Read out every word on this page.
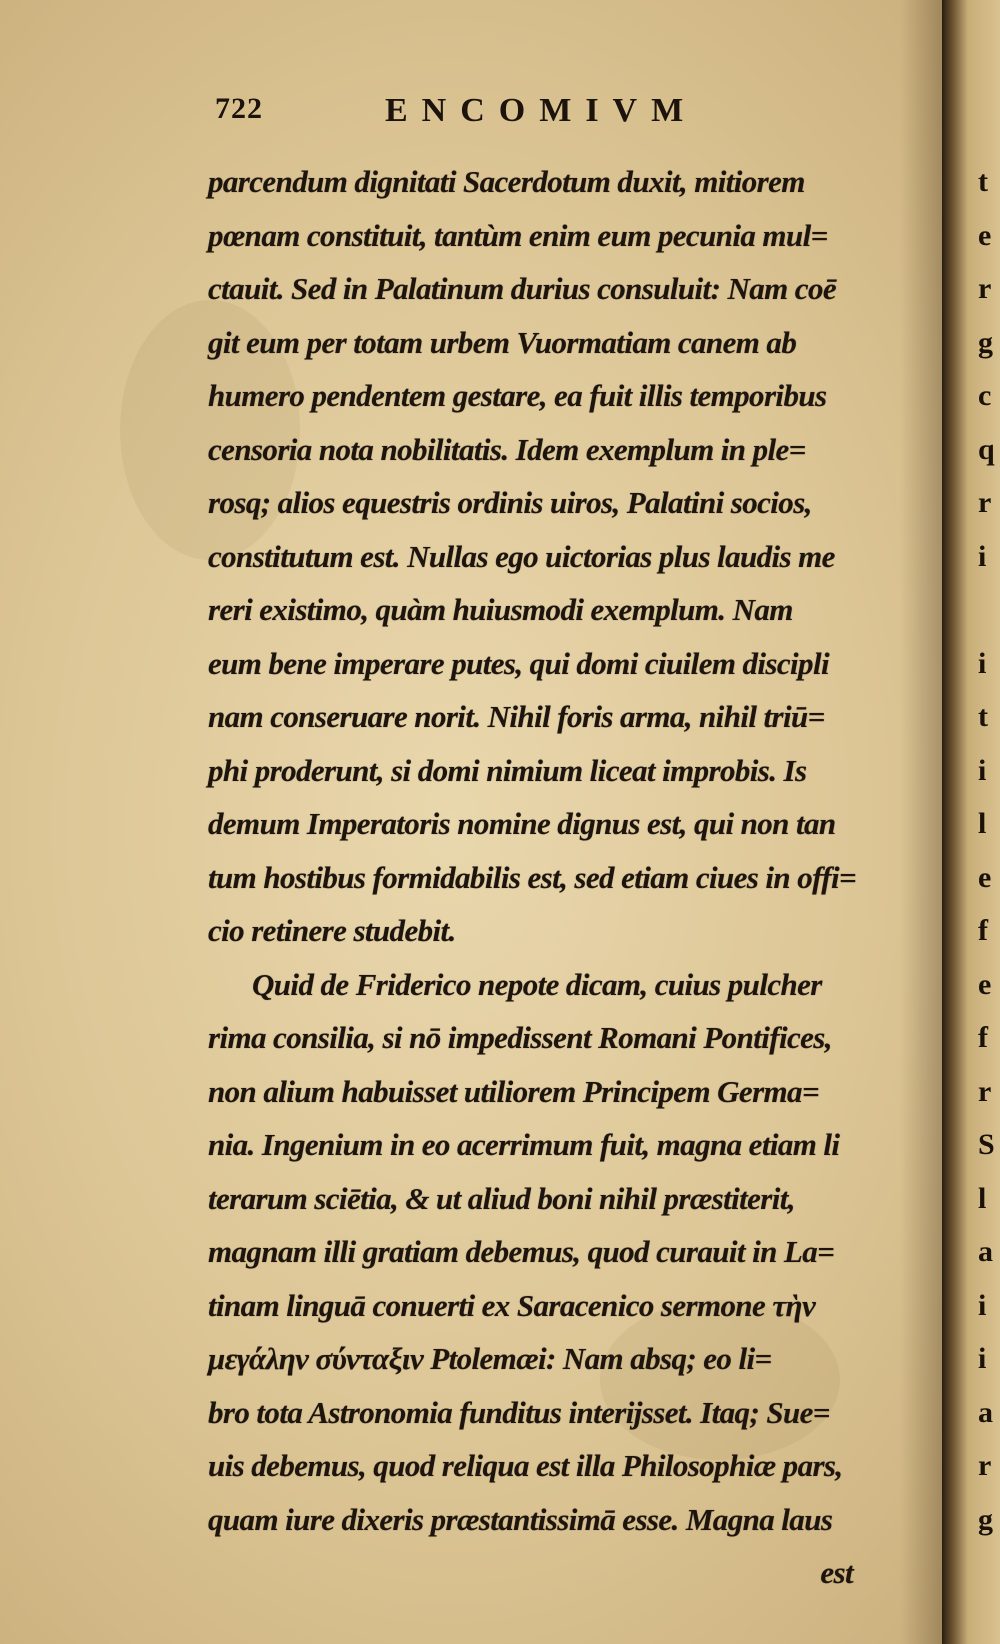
722	ENCOMIVM
parcendum dignitati Sacerdotum duxit, mitiorem
pœnam constituit, tantùm enim eum pecunia mul=
ctauit. Sed in Palatinum durius consuluit: Nam coē
git eum per totam urbem Vuormatiam canem ab
humero pendentem gestare, ea fuit illis temporibus
censoria nota nobilitatis. Idem exemplum in ple=
rosq; alios equestris ordinis uiros, Palatini socios,
constitutum est. Nullas ego uictorias plus laudis me
reri existimo, quàm huiusmodi exemplum. Nam
eum bene imperare putes, qui domi ciuilem discipli
nam conseruare norit. Nihil foris arma, nihil triū=
phi proderunt, si domi nimium liceat improbis. Is
demum Imperatoris nomine dignus est, qui non tan
tum hostibus formidabilis est, sed etiam ciues in offi=
cio retinere studebit.
Quid de Friderico nepote dicam, cuius pulcher
rima consilia, si nō impedissent Romani Pontifices,
non alium habuisset utiliorem Principem Germa=
nia. Ingenium in eo acerrimum fuit, magna etiam li
terarum sciētia, & ut aliud boni nihil præstiterit,
magnam illi gratiam debemus, quod curauit in La=
tinam linguā conuerti ex Saracenico sermone τὴν
μεγάλην σύνταξιν Ptolemæi: Nam absq; eo li=
bro tota Astronomia funditus interijsset. Itaq; Sue=
uis debemus, quod reliqua est illa Philosophiæ pars,
quam iure dixeris præstantissimā esse. Magna laus
est
t
e
r
g
c
q
r
i
i
t
i
l
e
f
e
f
r
S
l
a
i
i
a
r
g
